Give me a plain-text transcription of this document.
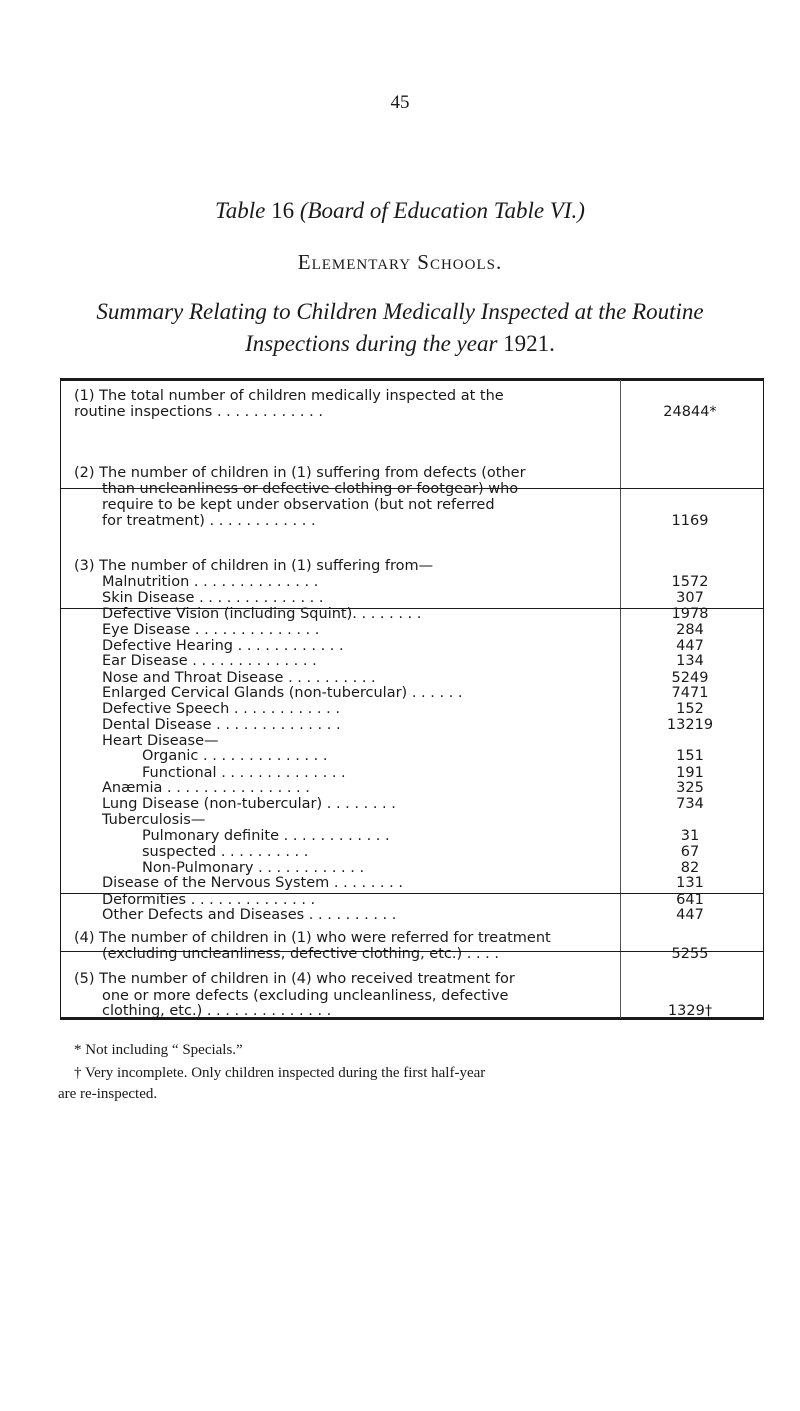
45
Table 16 (Board of Education Table VI.)
Elementary Schools.
Summary Relating to Children Medically Inspected at the Routine
Inspections during the year 1921.
(1) The total number of children medically inspected at the
routine inspections . . . . . . . . . . . .	24844*
(2) The number of children in (1) suffering from defects (other
than uncleanliness or defective clothing or footgear) who
require to be kept under observation (but not referred
for treatment) . . . . . . . . . . . .	1169
(3) The number of children in (1) suffering from—
Malnutrition . . . . . . . . . . . . . .	1572
Skin Disease . . . . . . . . . . . . . .	307
Defective Vision (including Squint). . . . . . . .	1978
Eye Disease . . . . . . . . . . . . . .	284
Defective Hearing . . . . . . . . . . . .	447
Ear Disease . . . . . . . . . . . . . .	134
Nose and Throat Disease . . . . . . . . . .	5249
Enlarged Cervical Glands (non-tubercular) . . . . . .	7471
Defective Speech . . . . . . . . . . . .	152
Dental Disease . . . . . . . . . . . . . .	13219
Heart Disease—
Organic . . . . . . . . . . . . . .	151
Functional . . . . . . . . . . . . . .	191
Anæmia . . . . . . . . . . . . . . . .	325
Lung Disease (non-tubercular) . . . . . . . .	734
Tuberculosis—
Pulmonary definite . . . . . . . . . . . .	31
suspected . . . . . . . . . .	67
Non-Pulmonary . . . . . . . . . . . .	82
Disease of the Nervous System . . . . . . . .	131
Deformities . . . . . . . . . . . . . .	641
Other Defects and Diseases . . . . . . . . . .	447
(4) The number of children in (1) who were referred for treatment
(excluding uncleanliness, defective clothing, etc.) . . . .	5255
(5) The number of children in (4) who received treatment for
one or more defects (excluding uncleanliness, defective
clothing, etc.) . . . . . . . . . . . . . .	1329†
* Not including “ Specials.”
† Very incomplete. Only children inspected during the first half-year
are re-inspected.
